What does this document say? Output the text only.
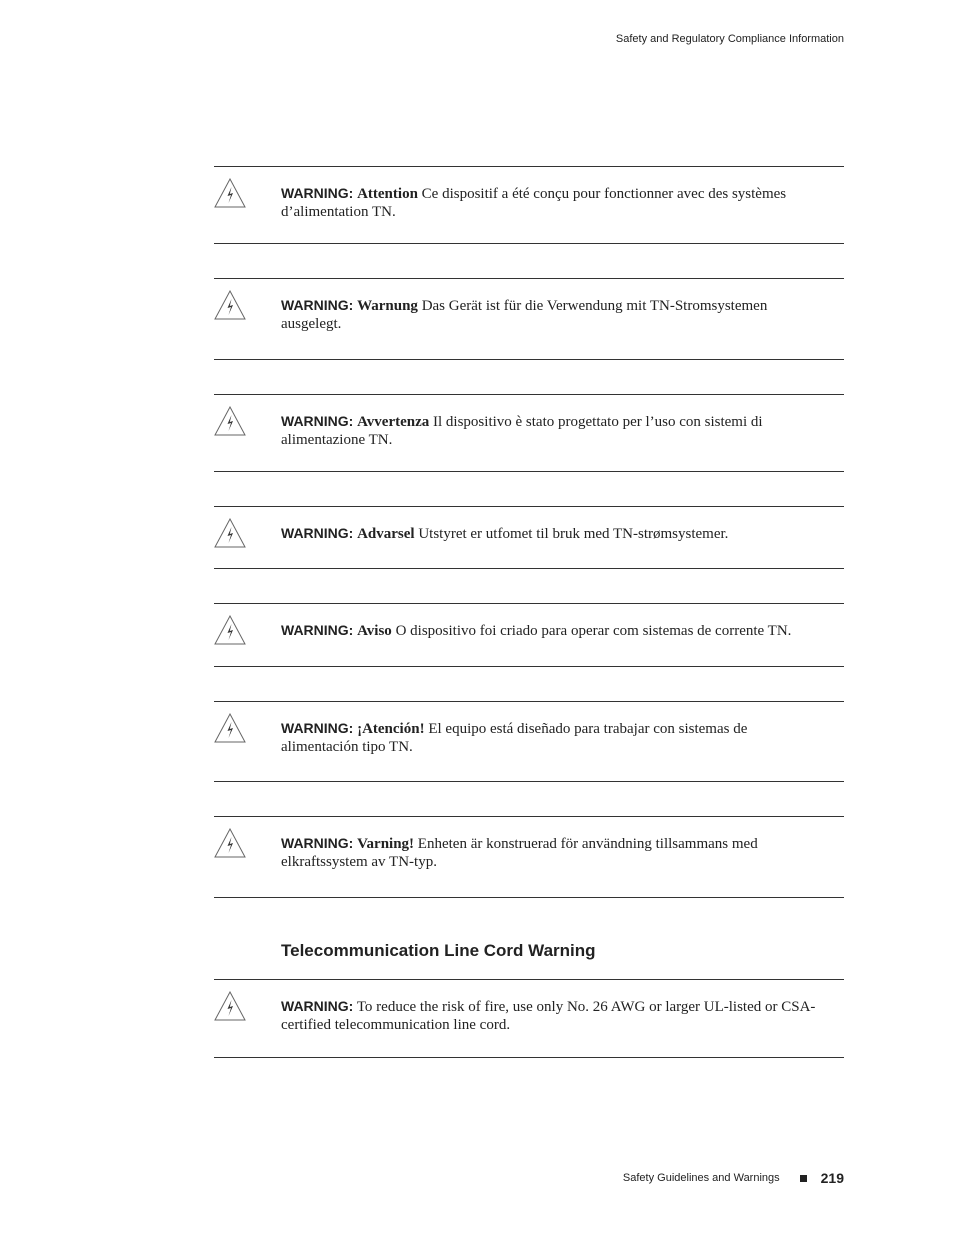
Safety and Regulatory Compliance Information
WARNING: Attention Ce dispositif a été conçu pour fonctionner avec des systèmes d’alimentation TN.
WARNING: Warnung Das Gerät ist für die Verwendung mit TN-Stromsystemen ausgelegt.
WARNING: Avvertenza Il dispositivo è stato progettato per l’uso con sistemi di alimentazione TN.
WARNING: Advarsel Utstyret er utfomet til bruk med TN-strømsystemer.
WARNING: Aviso O dispositivo foi criado para operar com sistemas de corrente TN.
WARNING: ¡Atención! El equipo está diseñado para trabajar con sistemas de alimentación tipo TN.
WARNING: Varning! Enheten är konstruerad för användning tillsammans med elkraftssystem av TN-typ.
WARNING: To reduce the risk of fire, use only No. 26 AWG or larger UL-listed or CSA-certified telecommunication line cord.
Telecommunication Line Cord Warning
Safety Guidelines and Warnings	219
